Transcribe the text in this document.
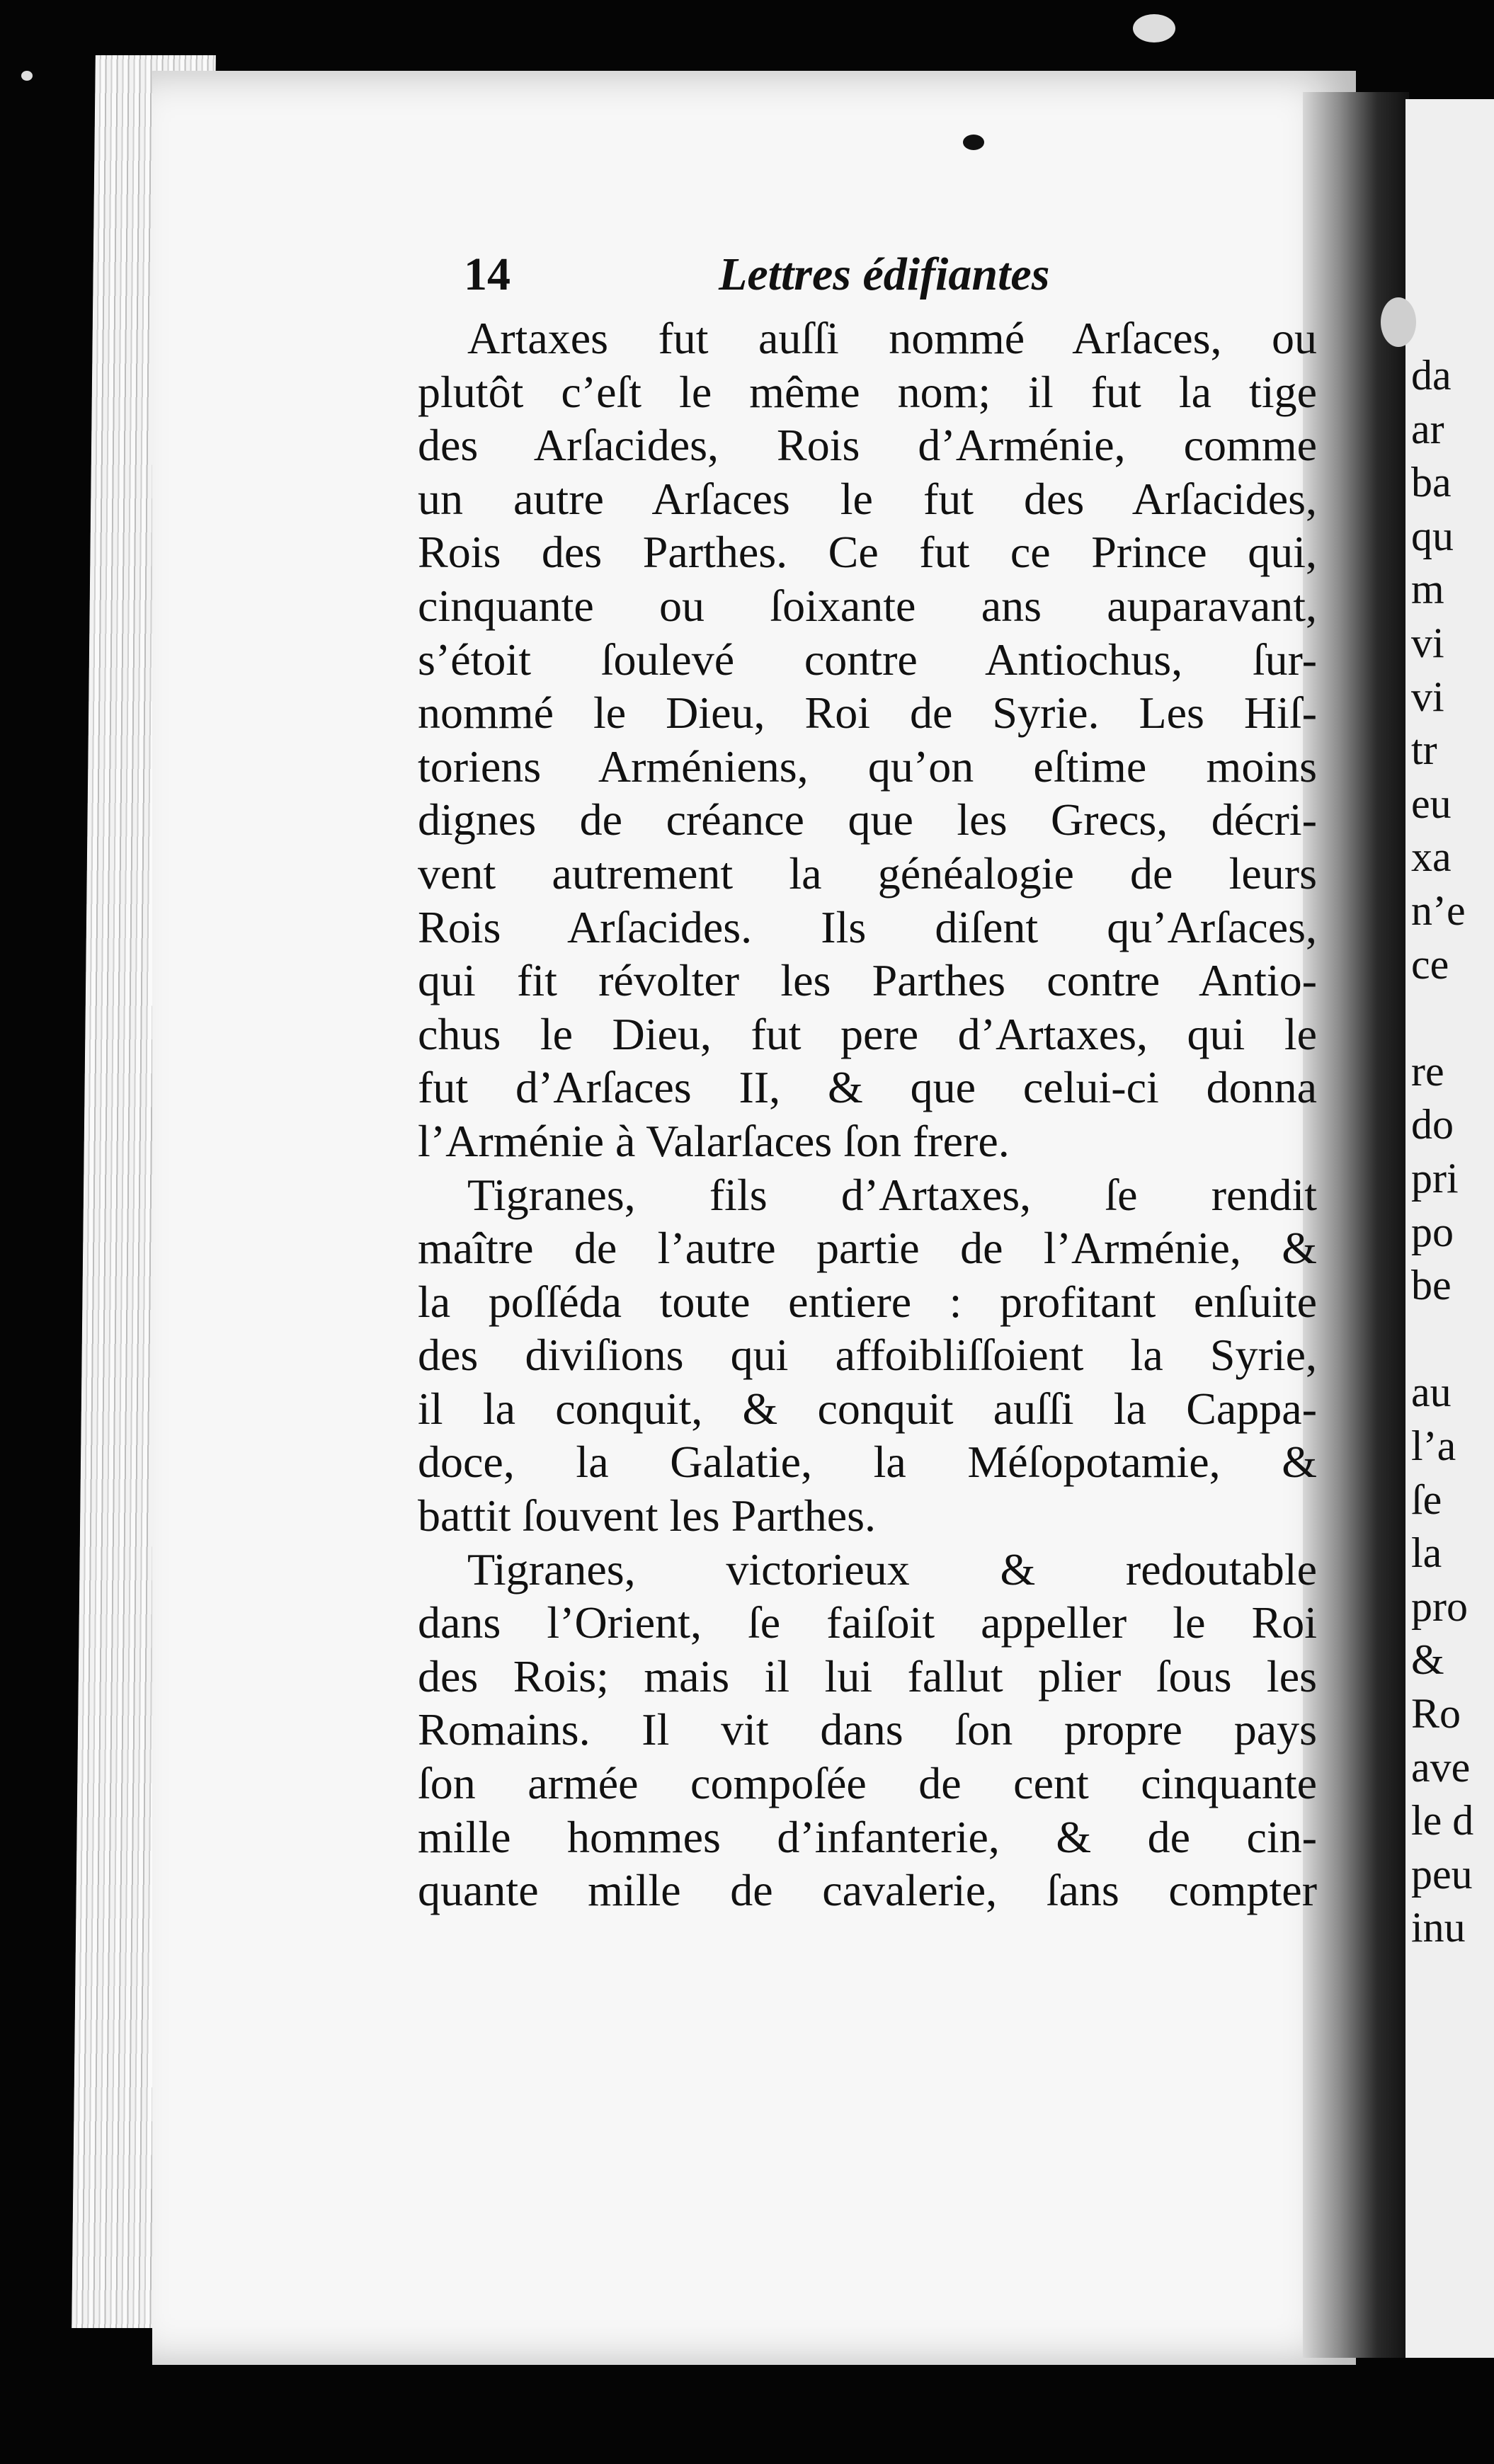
da
ar
ba
qu
m
vi
vi
tr
eu
xa
n’e
ce
re
do
pri
po
be
au
l’a
ſe
la
pro
&
Ro
ave
le d
peu
inu
14	Lettres édifiantes
Artaxes fut auſſi nommé Arſaces, ou
plutôt c’eſt le même nom; il fut la tige
des Arſacides, Rois d’Arménie, comme
un autre Arſaces le fut des Arſacides,
Rois des Parthes. Ce fut ce Prince qui,
cinquante ou ſoixante ans auparavant,
s’étoit ſoulevé contre Antiochus, ſur-
nommé le Dieu, Roi de Syrie. Les Hiſ-
toriens Arméniens, qu’on eſtime moins
dignes de créance que les Grecs, décri-
vent autrement la généalogie de leurs
Rois Arſacides. Ils diſent qu’Arſaces,
qui fit révolter les Parthes contre Antio-
chus le Dieu, fut pere d’Artaxes, qui le
fut d’Arſaces II, & que celui-ci donna
l’Arménie à Valarſaces ſon frere.
Tigranes, fils d’Artaxes, ſe rendit
maître de l’autre partie de l’Arménie, &
la poſſéda toute entiere : profitant enſuite
des diviſions qui affoibliſſoient la Syrie,
il la conquit, & conquit auſſi la Cappa-
doce, la Galatie, la Méſopotamie, &
battit ſouvent les Parthes.
Tigranes, victorieux & redoutable
dans l’Orient, ſe faiſoit appeller le Roi
des Rois; mais il lui fallut plier ſous les
Romains. Il vit dans ſon propre pays
ſon armée compoſée de cent cinquante
mille hommes d’infanterie, & de cin-
quante mille de cavalerie, ſans compter
